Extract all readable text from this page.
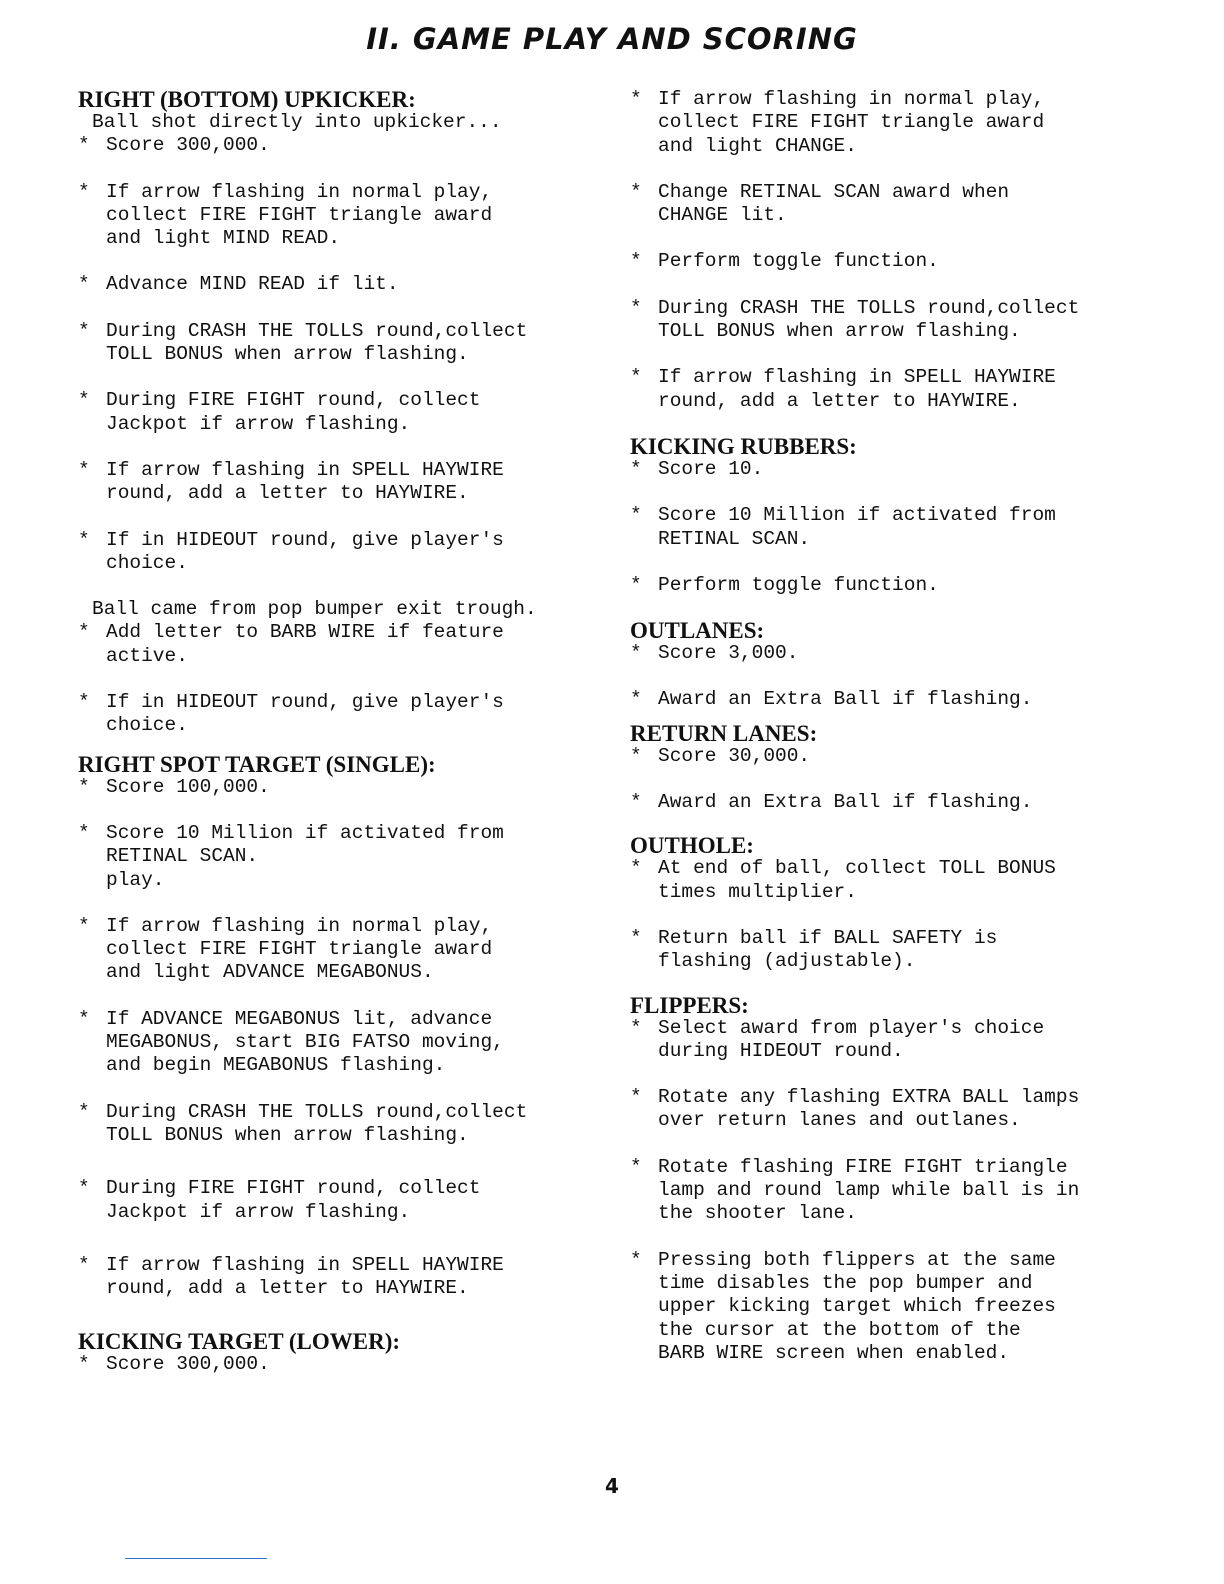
II. GAME PLAY AND SCORING

RIGHT (BOTTOM) UPKICKER:

Ball shot directly into upkicker...

* Score 300,000.

* If arrow flashing in normal play,
collect FIRE FIGHT triangle award
and light MIND READ.

* Advance MIND READ if lit.

* During CRASH THE TOLLS round,collect
TOLL BONUS when arrow flashing.

* During FIRE FIGHT round, collect
Jackpot if arrow flashing.

* If arrow flashing in SPELL HAYWIRE
round, add a letter to HAYWIRE.

* If in HIDEOUT round, give player's
choice.

Ball came from pop bumper exit trough.

* Add letter to BARB WIRE if feature
active.

* If in HIDEOUT round, give player's
choice.

RIGHT SPOT TARGET (SINGLE):

* Score 100,000.

* Score 10 Million if activated from
RETINAL SCAN.
play.

* If arrow flashing in normal play,
collect FIRE FIGHT triangle award
and light ADVANCE MEGABONUS.

* If ADVANCE MEGABONUS lit, advance
MEGABONUS, start BIG FATSO moving,
and begin MEGABONUS flashing.

* During CRASH THE TOLLS round,collect
TOLL BONUS when arrow flashing.

* During FIRE FIGHT round, collect
Jackpot if arrow flashing.

* If arrow flashing in SPELL HAYWIRE
round, add a letter to HAYWIRE.

KICKING TARGET (LOWER):

* Score 300,000.

* If arrow flashing in normal play,
collect FIRE FIGHT triangle award
and light CHANGE.

* Change RETINAL SCAN award when
CHANGE lit.

* Perform toggle function.

* During CRASH THE TOLLS round,collect
TOLL BONUS when arrow flashing.

* If arrow flashing in SPELL HAYWIRE
round, add a letter to HAYWIRE.

KICKING RUBBERS:

* Score 10.

* Score 10 Million if activated from
RETINAL SCAN.

* Perform toggle function.

OUTLANES:

* Score 3,000.

* Award an Extra Ball if flashing.

RETURN LANES:

* Score 30,000.

* Award an Extra Ball if flashing.

OUTHOLE:

* At end of ball, collect TOLL BONUS
times multiplier.

* Return ball if BALL SAFETY is
flashing (adjustable).

FLIPPERS:

* Select award from player's choice
during HIDEOUT round.

* Rotate any flashing EXTRA BALL lamps
over return lanes and outlanes.

* Rotate flashing FIRE FIGHT triangle
lamp and round lamp while ball is in
the shooter lane.

* Pressing both flippers at the same
time disables the pop bumper and
upper kicking target which freezes
the cursor at the bottom of the
BARB WIRE screen when enabled.

4
